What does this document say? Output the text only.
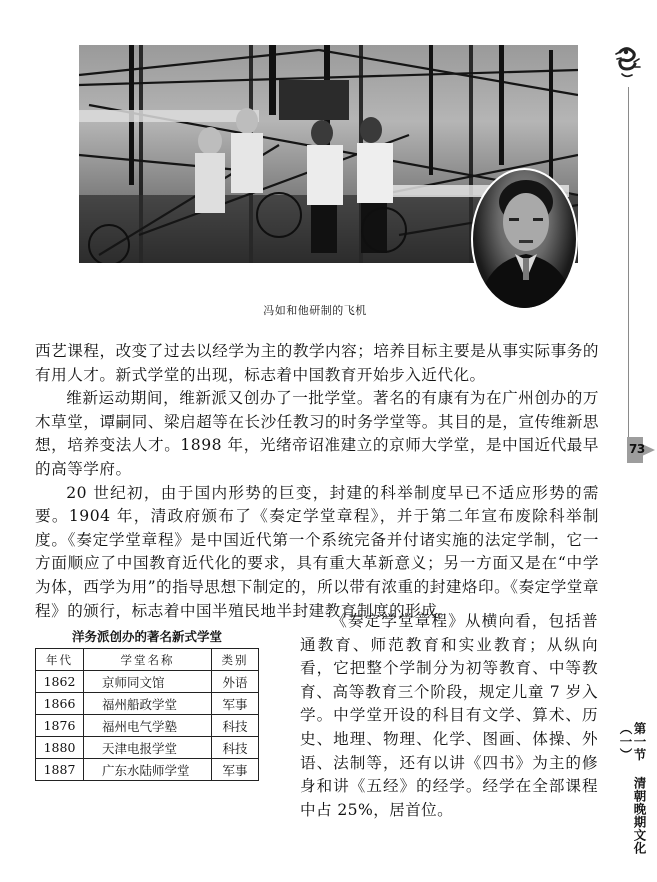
73
第一节 清朝晚期文化（一）
冯如和他研制的飞机

西艺课程，改变了过去以经学为主的教学内容；培养目标主要是从事实际事务的有用人才。新式学堂的出现，标志着中国教育开始步入近代化。

维新运动期间，维新派又创办了一批学堂。著名的有康有为在广州创办的万木草堂，谭嗣同、梁启超等在长沙任教习的时务学堂等。其目的是，宣传维新思想，培养变法人才。1898 年，光绪帝诏准建立的京师大学堂，是中国近代最早的高等学府。

20 世纪初，由于国内形势的巨变，封建的科举制度早已不适应形势的需要。1904 年，清政府颁布了《奏定学堂章程》，并于第二年宣布废除科举制度。《奏定学堂章程》是中国近代第一个系统完备并付诸实施的法定学制，它一方面顺应了中国教育近代化的要求，具有重大革新意义；另一方面又是在“中学为体，西学为用”的指导思想下制定的，所以带有浓重的封建烙印。《奏定学堂章程》的颁行，标志着中国半殖民地半封建教育制度的形成。

洋务派创办的著名新式学堂
年代	学堂名称	类别
1862	京师同文馆	外语
1866	福州船政学堂	军事
1876	福州电气学塾	科技
1880	天津电报学堂	科技
1887	广东水陆师学堂	军事

《奏定学堂章程》从横向看，包括普通教育、师范教育和实业教育；从纵向看，它把整个学制分为初等教育、中等教育、高等教育三个阶段，规定儿童 7 岁入学。中学堂开设的科目有文学、算术、历史、地理、物理、化学、图画、体操、外语、法制等，还有以讲《四书》为主的修身和讲《五经》的经学。经学在全部课程中占 25%，居首位。
